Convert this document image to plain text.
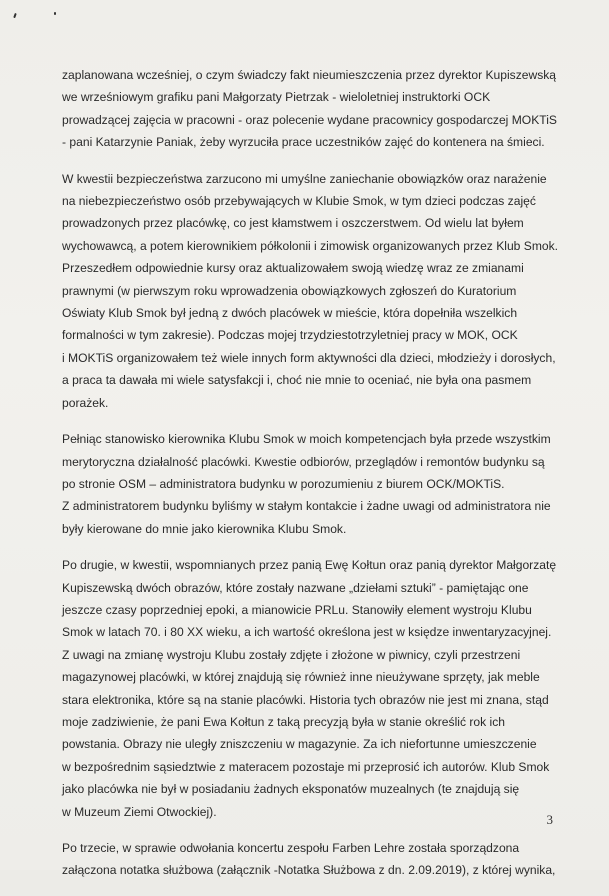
zaplanowana wcześniej, o czym świadczy fakt nieumieszczenia przez dyrektor Kupiszewską
we wrześniowym grafiku pani Małgorzaty Pietrzak - wieloletniej instruktorki OCK
prowadzącej zajęcia w pracowni - oraz polecenie wydane pracownicy gospodarczej MOKTiS
- pani Katarzynie Paniak, żeby wyrzuciła prace uczestników zajęć do kontenera na śmieci.
W kwestii bezpieczeństwa zarzucono mi umyślne zaniechanie obowiązków oraz narażenie
na niebezpieczeństwo osób przebywających w Klubie Smok, w tym dzieci podczas zajęć
prowadzonych przez placówkę, co jest kłamstwem i oszczerstwem. Od wielu lat byłem
wychowawcą, a potem kierownikiem półkolonii i zimowisk organizowanych przez Klub Smok.
Przeszedłem odpowiednie kursy oraz aktualizowałem swoją wiedzę wraz ze zmianami
prawnymi (w pierwszym roku wprowadzenia obowiązkowych zgłoszeń do Kuratorium
Oświaty Klub Smok był jedną z dwóch placówek w mieście, która dopełniła wszelkich
formalności w tym zakresie). Podczas mojej trzydziestotrzyletniej pracy w MOK, OCK
i MOKTiS organizowałem też wiele innych form aktywności dla dzieci, młodzieży i dorosłych,
a praca ta dawała mi wiele satysfakcji i, choć nie mnie to oceniać, nie była ona pasmem
porażek.
Pełniąc stanowisko kierownika Klubu Smok w moich kompetencjach była przede wszystkim
merytoryczna działalność placówki. Kwestie odbiorów, przeglądów i remontów budynku są
po stronie OSM – administratora budynku w porozumieniu z biurem OCK/MOKTiS.
Z administratorem budynku byliśmy w stałym kontakcie i żadne uwagi od administratora nie
były kierowane do mnie jako kierownika Klubu Smok.
Po drugie, w kwestii, wspomnianych przez panią Ewę Kołtun oraz panią dyrektor Małgorzatę
Kupiszewską dwóch obrazów, które zostały nazwane „dziełami sztuki” - pamiętając one
jeszcze czasy poprzedniej epoki, a mianowicie PRLu. Stanowiły element wystroju Klubu
Smok w latach 70. i 80 XX wieku, a ich wartość określona jest w księdze inwentaryzacyjnej.
Z uwagi na zmianę wystroju Klubu zostały zdjęte i złożone w piwnicy, czyli przestrzeni
magazynowej placówki, w której znajdują się również inne nieużywane sprzęty, jak meble
stara elektronika, które są na stanie placówki. Historia tych obrazów nie jest mi znana, stąd
moje zadziwienie, że pani Ewa Kołtun z taką precyzją była w stanie określić rok ich
powstania. Obrazy nie uległy zniszczeniu w magazynie. Za ich niefortunne umieszczenie
w bezpośrednim sąsiedztwie z materacem pozostaje mi przeprosić ich autorów. Klub Smok
jako placówka nie był w posiadaniu żadnych eksponatów muzealnych (te znajdują się
w Muzeum Ziemi Otwockiej).
Po trzecie, w sprawie odwołania koncertu zespołu Farben Lehre została sporządzona
załączona notatka służbowa (załącznik -Notatka Służbowa z dn. 2.09.2019), z której wynika,
3
